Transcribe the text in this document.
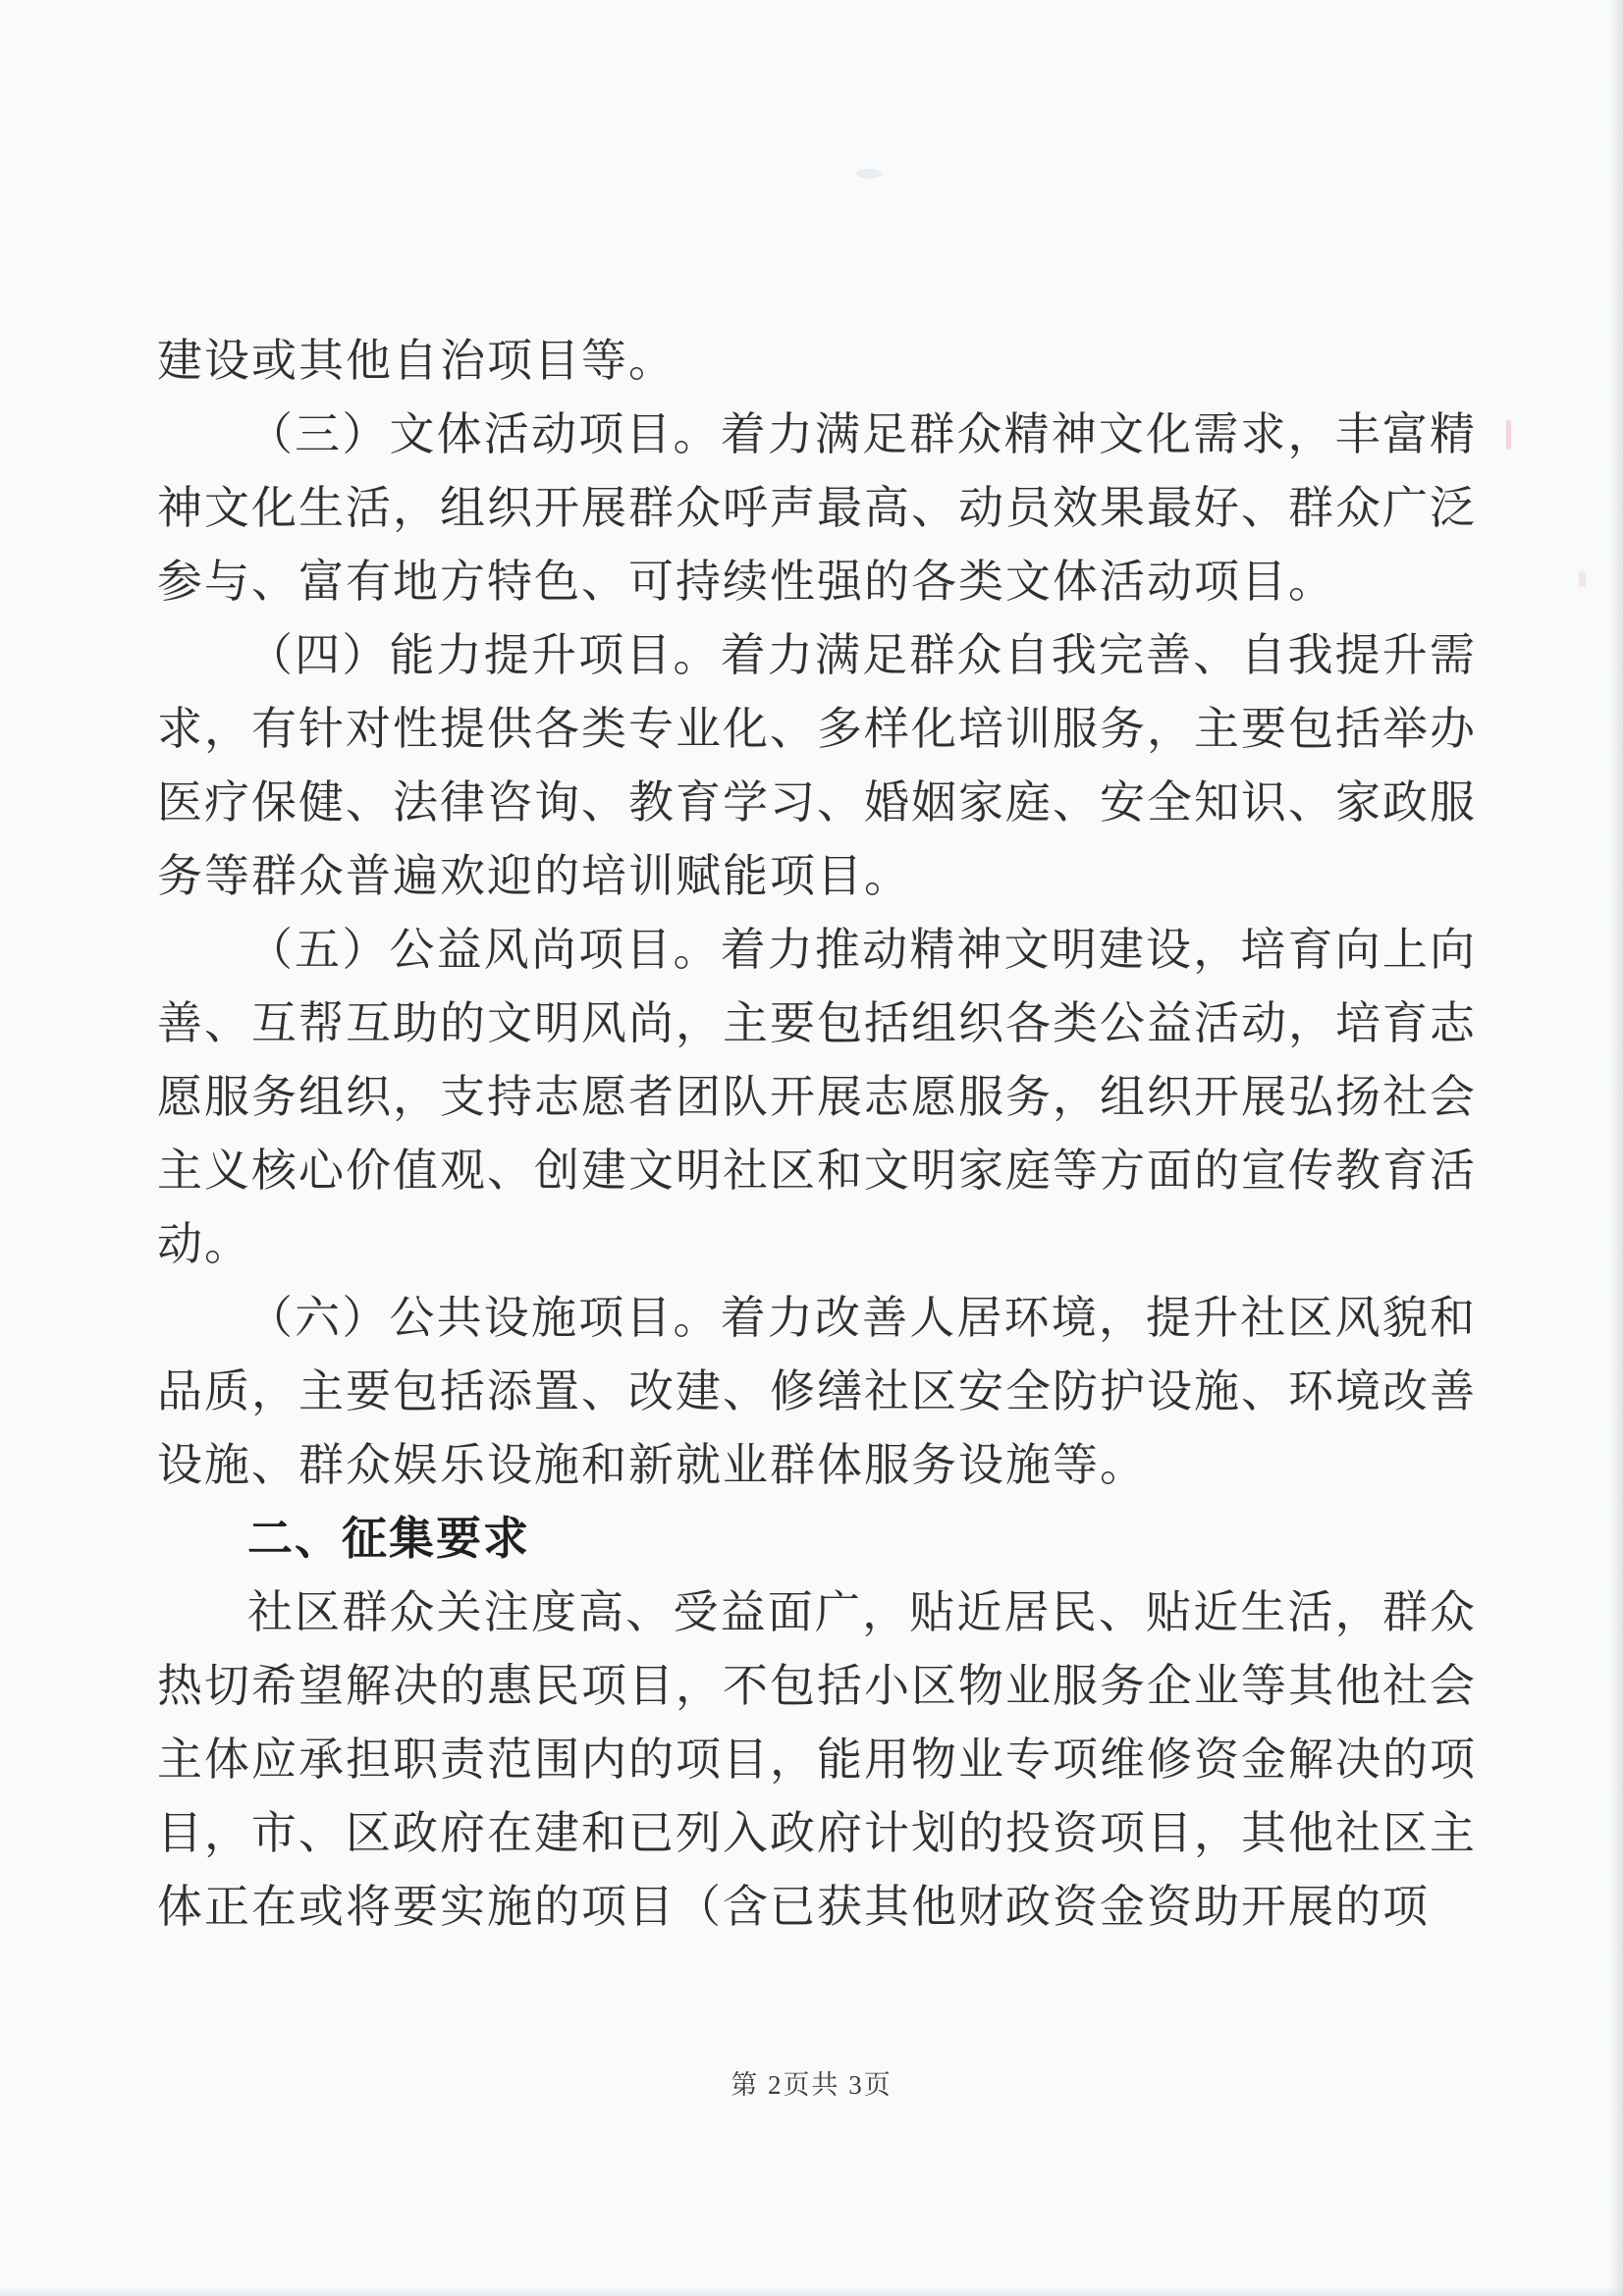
建设或其他自治项目等。

（三）文体活动项目。着力满足群众精神文化需求，丰富精神文化生活，组织开展群众呼声最高、动员效果最好、群众广泛参与、富有地方特色、可持续性强的各类文体活动项目。

（四）能力提升项目。着力满足群众自我完善、自我提升需求，有针对性提供各类专业化、多样化培训服务，主要包括举办医疗保健、法律咨询、教育学习、婚姻家庭、安全知识、家政服务等群众普遍欢迎的培训赋能项目。

（五）公益风尚项目。着力推动精神文明建设，培育向上向善、互帮互助的文明风尚，主要包括组织各类公益活动，培育志愿服务组织，支持志愿者团队开展志愿服务，组织开展弘扬社会主义核心价值观、创建文明社区和文明家庭等方面的宣传教育活动。

（六）公共设施项目。着力改善人居环境，提升社区风貌和品质，主要包括添置、改建、修缮社区安全防护设施、环境改善设施、群众娱乐设施和新就业群体服务设施等。

二、征集要求

社区群众关注度高、受益面广，贴近居民、贴近生活，群众热切希望解决的惠民项目，不包括小区物业服务企业等其他社会主体应承担职责范围内的项目，能用物业专项维修资金解决的项目，市、区政府在建和已列入政府计划的投资项目，其他社区主体正在或将要实施的项目（含已获其他财政资金资助开展的项

第 2页共 3页
